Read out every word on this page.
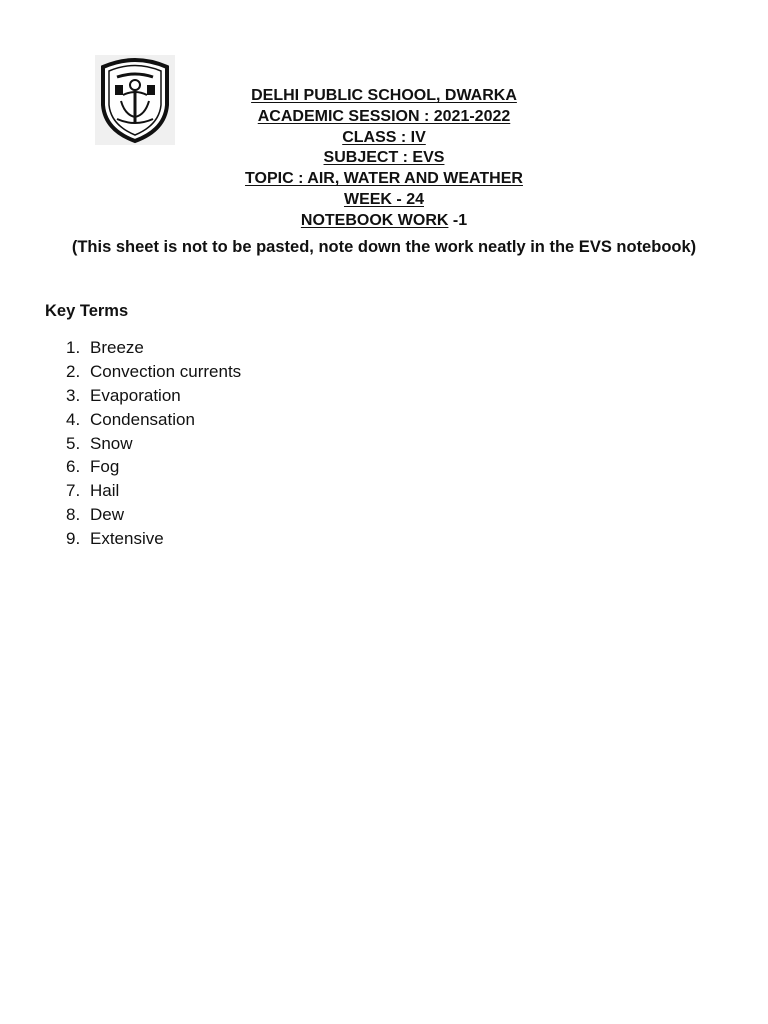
DELHI PUBLIC SCHOOL, DWARKA
ACADEMIC SESSION : 2021-2022
CLASS : IV
SUBJECT : EVS
TOPIC : AIR, WATER AND WEATHER
WEEK - 24
NOTEBOOK WORK -1
(This sheet is not to be pasted, note down the work neatly in the EVS notebook)
Key Terms
1. Breeze
2. Convection currents
3. Evaporation
4. Condensation
5. Snow
6. Fog
7. Hail
8. Dew
9. Extensive
